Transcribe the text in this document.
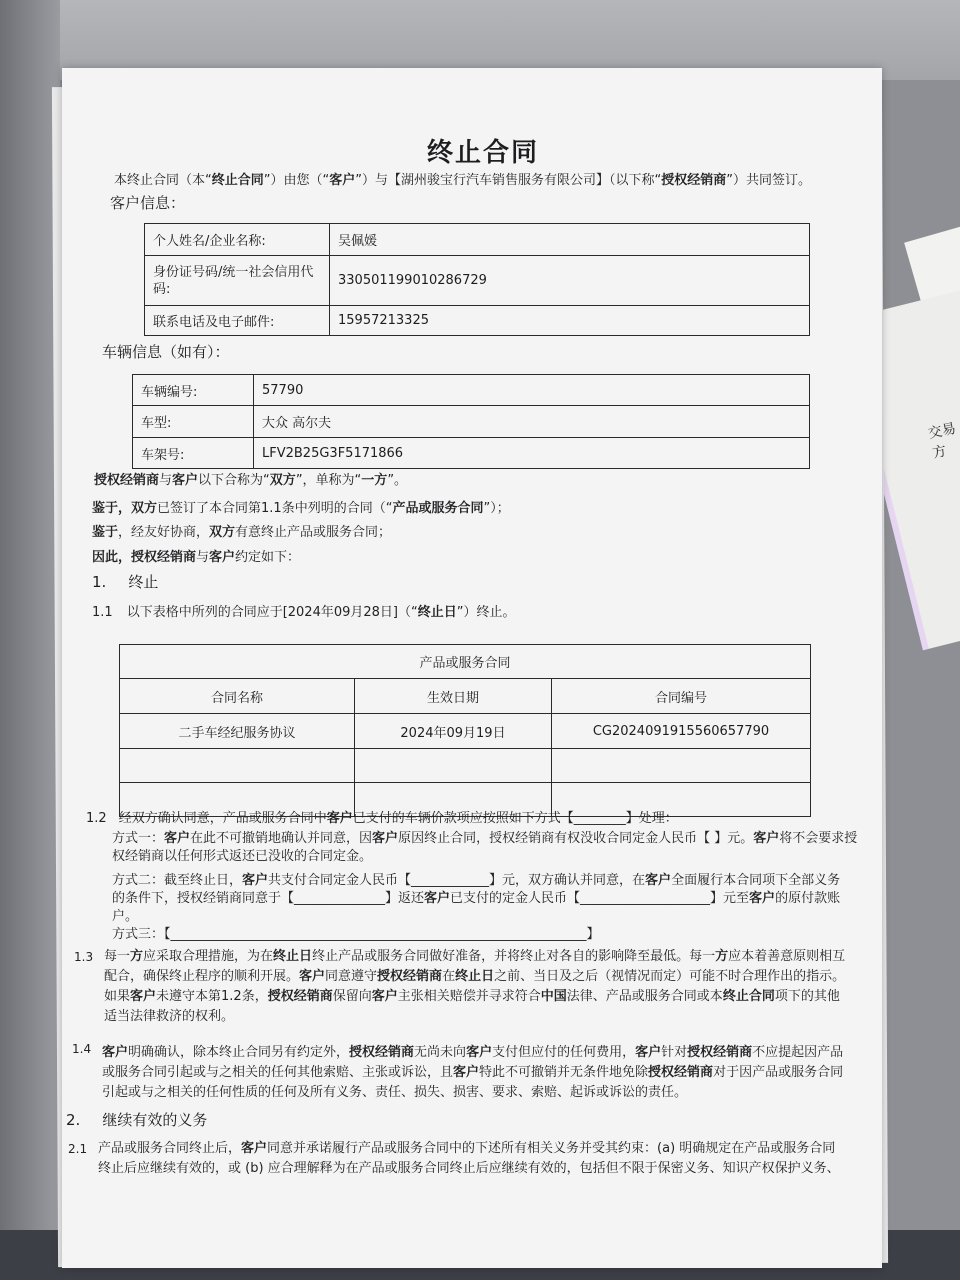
交易方
终止合同
本终止合同（本“终止合同”）由您（“客户”）与【湖州骏宝行汽车销售服务有限公司】（以下称“授权经销商”）共同签订。
客户信息：
个人姓名/企业名称:	吴佩媛
身份证号码/统一社会信用代码:	330501199010286729
联系电话及电子邮件:	15957213325
车辆信息（如有）：
车辆编号:	57790
车型:	大众 高尔夫
车架号:	LFV2B25G3F5171866
授权经销商与客户以下合称为“双方”，单称为“一方”。
鉴于，双方已签订了本合同第1.1条中列明的合同（“产品或服务合同”）；
鉴于，经友好协商，双方有意终止产品或服务合同；
因此，授权经销商与客户约定如下：
1. 终止
1.1 以下表格中所列的合同应于[2024年09月28日]（“终止日”）终止。
产品或服务合同		
合同名称	生效日期	合同编号
二手车经纪服务协议	2024年09月19日	CG2024091915560657790

1.2 经双方确认同意，产品或服务合同中客户已支付的车辆价款项应按照如下方式【________】处理：
方式一：客户在此不可撤销地确认并同意，因客户原因终止合同，授权经销商有权没收合同定金人民币【 】元。客户将不会要求授
权经销商以任何形式返还已没收的合同定金。
方式二：截至终止日，客户共支付合同定金人民币【____________】元，双方确认并同意，在客户全面履行本合同项下全部义务
的条件下，授权经销商同意于【______________】返还客户已支付的定金人民币【____________________】元至客户的原付款账
户。
方式三：【________________________________________________________________】
1.3 每一方应采取合理措施，为在终止日终止产品或服务合同做好准备，并将终止对各自的影响降至最低。每一方应本着善意原则相互
配合，确保终止程序的顺利开展。客户同意遵守授权经销商在终止日之前、当日及之后（视情况而定）可能不时合理作出的指示。
如果客户未遵守本第1.2条，授权经销商保留向客户主张相关赔偿并寻求符合中国法律、产品或服务合同或本终止合同项下的其他
适当法律救济的权利。
1.4 客户明确确认，除本终止合同另有约定外，授权经销商无尚未向客户支付但应付的任何费用，客户针对授权经销商不应提起因产品
或服务合同引起或与之相关的任何其他索赔、主张或诉讼，且客户特此不可撤销并无条件地免除授权经销商对于因产品或服务合同
引起或与之相关的任何性质的任何及所有义务、责任、损失、损害、要求、索赔、起诉或诉讼的责任。
2. 继续有效的义务
2.1 产品或服务合同终止后，客户同意并承诺履行产品或服务合同中的下述所有相关义务并受其约束：(a) 明确规定在产品或服务合同
终止后应继续有效的，或 (b) 应合理解释为在产品或服务合同终止后应继续有效的，包括但不限于保密义务、知识产权保护义务、
